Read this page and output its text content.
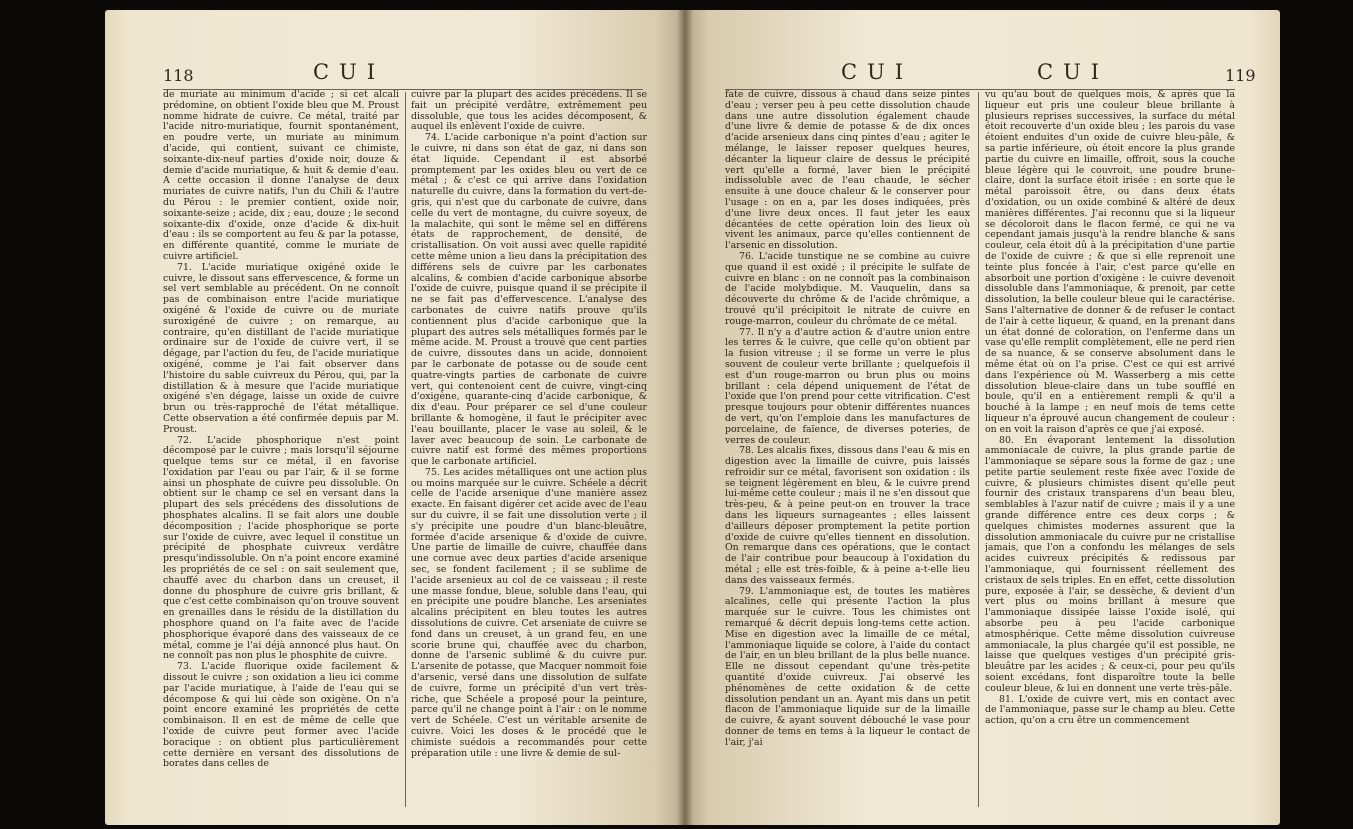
118	CUI

de muriate au minimum d'acide ; si cet alcali prédomine, on obtient l'oxide bleu que M. Proust nomme hidrate de cuivre. Ce métal, traité par l'acide nitro-muriatique, fournit spontanément, en poudre verte, un muriate au minimum d'acide, qui contient, suivant ce chimiste, soixante-dix-neuf parties d'oxide noir, douze & demie d'acide muriatique, & huit & demie d'eau. A cette occasion il donne l'analyse de deux muriates de cuivre natifs, l'un du Chili & l'autre du Pérou : le premier contient, oxide noir, soixante-seize ; acide, dix ; eau, douze ; le second soixante-dix d'oxide, onze d'acide & dix-huit d'eau : ils se comportent au feu & par la potasse, en différente quantité, comme le muriate de cuivre artificiel.

71. L'acide muriatique oxigéné oxide le cuivre, le dissout sans effervescence, & forme un sel vert semblable au précédent. On ne connoît pas de combinaison entre l'acide muriatique oxigéné & l'oxide de cuivre ou de muriate suroxigéné de cuivre ; on remarque, au contraire, qu'en distillant de l'acide muriatique ordinaire sur de l'oxide de cuivre vert, il se dégage, par l'action du feu, de l'acide muriatique oxigéné, comme je l'ai fait observer dans l'histoire du sable cuivreux du Pérou, qui, par la distillation & à mesure que l'acide muriatique oxigéné s'en dégage, laisse un oxide de cuivre brun ou très-rapproché de l'état métallique. Cette observation a été confirmée depuis par M. Proust.

72. L'acide phosphorique n'est point décomposé par le cuivre ; mais lorsqu'il séjourne quelque tems sur ce métal, il en favorise l'oxidation par l'eau ou par l'air, & il se forme ainsi un phosphate de cuivre peu dissoluble. On obtient sur le champ ce sel en versant dans la plupart des sels précédens des dissolutions de phosphates alcalins. Il se fait alors une double décomposition ; l'acide phosphorique se porte sur l'oxide de cuivre, avec lequel il constitue un précipité de phosphate cuivreux verdâtre presqu'indissoluble. On n'a point encore examiné les propriétés de ce sel : on sait seulement que, chauffé avec du charbon dans un creuset, il donne du phosphure de cuivre gris brillant, & que c'est cette combinaison qu'on trouve souvent en grenailles dans le résidu de la distillation du phosphore quand on l'a faite avec de l'acide phosphorique évaporé dans des vaisseaux de ce métal, comme je l'ai déjà annoncé plus haut. On ne connoît pas non plus le phosphite de cuivre.

73. L'acide fluorique oxide facilement & dissout le cuivre ; son oxidation a lieu ici comme par l'acide muriatique, à l'aide de l'eau qui se décompose & qui lui cède son oxigène. On n'a point encore examiné les propriétés de cette combinaison. Il en est de même de celle que l'oxide de cuivre peut former avec l'acide boracique : on obtient plus particulièrement cette dernière en versant des dissolutions de borates dans celles de

cuivre par la plupart des acides précédens. Il se fait un précipité verdâtre, extrêmement peu dissoluble, que tous les acides décomposent, & auquel ils enlèvent l'oxide de cuivre.

74. L'acide carbonique n'a point d'action sur le cuivre, ni dans son état de gaz, ni dans son état liquide. Cependant il est absorbé promptement par les oxides bleu ou vert de ce métal ; & c'est ce qui arrive dans l'oxidation naturelle du cuivre, dans la formation du vert-de-gris, qui n'est que du carbonate de cuivre, dans celle du vert de montagne, du cuivre soyeux, de la malachite, qui sont le même sel en différens états de rapprochement, de densité, de cristallisation. On voit aussi avec quelle rapidité cette même union a lieu dans la précipitation des différens sels de cuivre par les carbonates alcalins, & combien d'acide carbonique absorbe l'oxide de cuivre, puisque quand il se précipite il ne se fait pas d'effervescence. L'analyse des carbonates de cuivre natifs prouve qu'ils contiennent plus d'acide carbonique que la plupart des autres sels métalliques formés par le même acide. M. Proust a trouvé que cent parties de cuivre, dissoutes dans un acide, donnoient par le carbonate de potasse ou de soude cent quatre-vingts parties de carbonate de cuivre vert, qui contenoient cent de cuivre, vingt-cinq d'oxigène, quarante-cinq d'acide carbonique, & dix d'eau. Pour préparer ce sel d'une couleur brillante & homogène, il faut le précipiter avec l'eau bouillante, placer le vase au soleil, & le laver avec beaucoup de soin. Le carbonate de cuivre natif est formé des mêmes proportions que le carbonate artificiel.

75. Les acides métalliques ont une action plus ou moins marquée sur le cuivre. Schéele a décrit celle de l'acide arsenique d'une manière assez exacte. En faisant digérer cet acide avec de l'eau sur du cuivre, il se fait une dissolution verte ; il s'y précipite une poudre d'un blanc-bleuâtre, formée d'acide arsenique & d'oxide de cuivre. Une partie de limaille de cuivre, chauffée dans une cornue avec deux parties d'acide arsenique sec, se fondent facilement ; il se sublime de l'acide arsenieux au col de ce vaisseau ; il reste une masse fondue, bleue, soluble dans l'eau, qui en précipite une poudre blanche. Les arseniates alcalins précipitent en bleu toutes les autres dissolutions de cuivre. Cet arseniate de cuivre se fond dans un creuset, à un grand feu, en une scorie brune qui, chauffée avec du charbon, donne de l'arsenic sublimé & du cuivre pur. L'arsenite de potasse, que Macquer nommoit foie d'arsenic, versé dans une dissolution de sulfate de cuivre, forme un précipité d'un vert très-riche, que Schéele a proposé pour la peinture, parce qu'il ne change point à l'air : on le nomme vert de Schéele. C'est un véritable arsenite de cuivre. Voici les doses & le procédé que le chimiste suédois a recommandés pour cette préparation utile : une livre & demie de sul-

CUI	CUI	119

fate de cuivre, dissous à chaud dans seize pintes d'eau ; verser peu à peu cette dissolution chaude dans une autre dissolution également chaude d'une livre & demie de potasse & de dix onces d'acide arsenieux dans cinq pintes d'eau ; agiter le mélange, le laisser reposer quelques heures, décanter la liqueur claire de dessus le précipité vert qu'elle a formé, laver bien le précipité indissoluble avec de l'eau chaude, le sécher ensuite à une douce chaleur & le conserver pour l'usage : on en a, par les doses indiquées, près d'une livre deux onces. Il faut jeter les eaux décantées de cette opération loin des lieux où vivent les animaux, parce qu'elles contiennent de l'arsenic en dissolution.

76. L'acide tunstique ne se combine au cuivre que quand il est oxidé ; il précipite le sulfate de cuivre en blanc : on ne connoît pas la combinaison de l'acide molybdique. M. Vauquelin, dans sa découverte du chrôme & de l'acide chrômique, a trouvé qu'il précipitoit le nitrate de cuivre en rouge-marron, couleur du chrômate de ce métal.

77. Il n'y a d'autre action & d'autre union entre les terres & le cuivre, que celle qu'on obtient par la fusion vitreuse ; il se forme un verre le plus souvent de couleur verte brillante ; quelquefois il est d'un rouge-marron ou brun plus ou moins brillant : cela dépend uniquement de l'état de l'oxide que l'on prend pour cette vitrification. C'est presque toujours pour obtenir différentes nuances de vert, qu'on l'emploie dans les manufactures de porcelaine, de faïence, de diverses poteries, de verres de couleur.

78. Les alcalis fixes, dissous dans l'eau & mis en digestion avec la limaille de cuivre, puis laissés refroidir sur ce métal, favorisent son oxidation : ils se teignent légèrement en bleu, & le cuivre prend lui-même cette couleur ; mais il ne s'en dissout que très-peu, & à peine peut-on en trouver la trace dans les liqueurs surnageantes ; elles laissent d'ailleurs déposer promptement la petite portion d'oxide de cuivre qu'elles tiennent en dissolution. On remarque dans ces opérations, que le contact de l'air contribue pour beaucoup à l'oxidation du métal ; elle est très-foible, & à peine a-t-elle lieu dans des vaisseaux fermés.

79. L'ammoniaque est, de toutes les matières alcalines, celle qui présente l'action la plus marquée sur le cuivre. Tous les chimistes ont remarqué & décrit depuis long-tems cette action. Mise en digestion avec la limaille de ce métal, l'ammoniaque liquide se colore, à l'aide du contact de l'air, en un bleu brillant de la plus belle nuance. Elle ne dissout cependant qu'une très-petite quantité d'oxide cuivreux. J'ai observé les phénomènes de cette oxidation & de cette dissolution pendant un an. Ayant mis dans un petit flacon de l'ammoniaque liquide sur de la limaille de cuivre, & ayant souvent débouché le vase pour donner de tems en tems à la liqueur le contact de l'air, j'ai

vu qu'au bout de quelques mois, & après que la liqueur eut pris une couleur bleue brillante à plusieurs reprises successives, la surface du métal étoit recouverte d'un oxide bleu ; les parois du vase étoient enduites d'un oxide de cuivre bleu-pâle, & sa partie inférieure, où étoit encore la plus grande partie du cuivre en limaille, offroit, sous la couche bleue légère qui le couvroit, une poudre brune-claire, dont la surface étoit irisée : en sorte que le métal paroissoit être, ou dans deux états d'oxidation, ou un oxide combiné & altéré de deux manières différentes. J'ai reconnu que si la liqueur se décoloroit dans le flacon fermé, ce qui ne va cependant jamais jusqu'à la rendre blanche & sans couleur, cela étoit dû à la précipitation d'une partie de l'oxide de cuivre ; & que si elle reprenoit une teinte plus foncée à l'air, c'est parce qu'elle en absorboit une portion d'oxigène : le cuivre devenoit dissoluble dans l'ammoniaque, & prenoit, par cette dissolution, la belle couleur bleue qui le caractérise. Sans l'alternative de donner & de refuser le contact de l'air à cette liqueur, & quand, en la prenant dans un état donné de coloration, on l'enferme dans un vase qu'elle remplit complètement, elle ne perd rien de sa nuance, & se conserve absolument dans le même état où on l'a prise. C'est ce qui est arrivé dans l'expérience où M. Wasserberg a mis cette dissolution bleue-claire dans un tube soufflé en boule, qu'il en a entièrement rempli & qu'il a bouché à la lampe ; en neuf mois de tems cette liqueur n'a éprouvé aucun changement de couleur : on en voit la raison d'après ce que j'ai exposé.

80. En évaporant lentement la dissolution ammoniacale de cuivre, la plus grande partie de l'ammoniaque se sépare sous la forme de gaz ; une petite partie seulement reste fixée avec l'oxide de cuivre, & plusieurs chimistes disent qu'elle peut fournir des cristaux transparens d'un beau bleu, semblables à l'azur natif de cuivre ; mais il y a une grande différence entre ces deux corps ; & quelques chimistes modernes assurent que la dissolution ammoniacale du cuivre pur ne cristallise jamais, que l'on a confondu les mélanges de sels acides cuivreux précipités & redissous par l'ammoniaque, qui fournissent réellement des cristaux de sels triples. En en effet, cette dissolution pure, exposée à l'air, se dessèche, & devient d'un vert plus ou moins brillant à mesure que l'ammoniaque dissipée laisse l'oxide isolé, qui absorbe peu à peu l'acide carbonique atmosphérique. Cette même dissolution cuivreuse ammoniacale, la plus chargée qu'il est possible, ne laisse que quelques vestiges d'un précipité gris-bleuâtre par les acides ; & ceux-ci, pour peu qu'ils soient excédans, font disparoître toute la belle couleur bleue, & lui en donnent une verte très-pâle.

81. L'oxide de cuivre vert, mis en contact avec de l'ammoniaque, passe sur le champ au bleu. Cette action, qu'on a cru être un commencement
